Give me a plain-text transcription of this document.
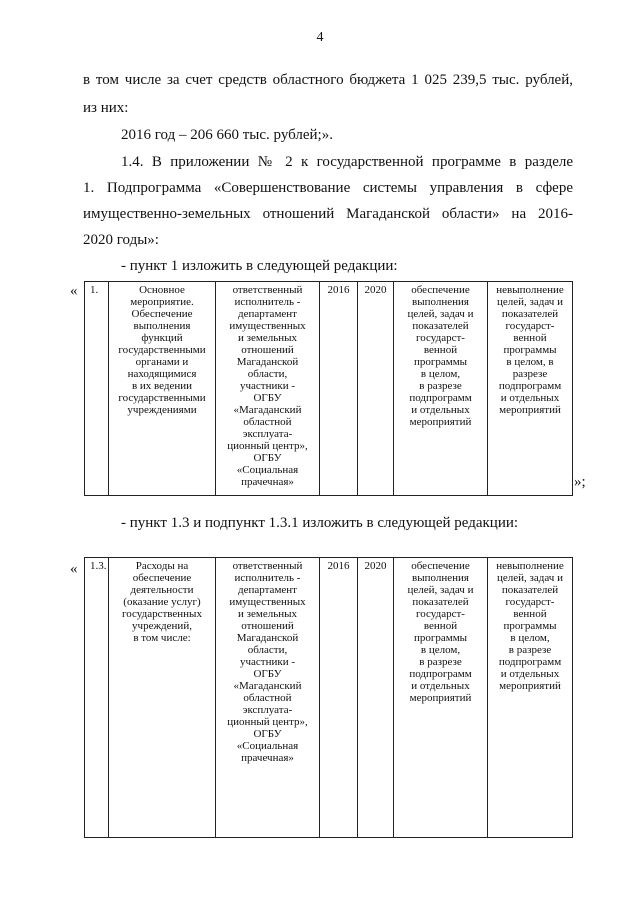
4
в том числе за счет средств областного бюджета 1 025 239,5 тыс. рублей,
из них:
2016 год – 206 660 тыс. рублей;».
1.4. В приложении № 2 к государственной программе в разделе
1. Подпрограмма «Совершенствование системы управления в сфере
имущественно-земельных отношений Магаданской области» на 2016-
2020 годы»:
- пункт 1 изложить в следующей редакции:
« 1.	Основное
мероприятие.
Обеспечение
выполнения
функций
государственными
органами и
находящимися
в их ведении
государственными
учреждениями	ответственный
исполнитель -
департамент
имущественных
и земельных
отношений
Магаданской
области,
участники -
ОГБУ
«Магаданский
областной
эксплуата-
ционный центр»,
ОГБУ
«Социальная
прачечная»	2016	2020	обеспечение
выполнения
целей, задач и
показателей
государст-
венной
программы
в целом,
в разрезе
подпрограмм
и отдельных
мероприятий	невыполнение
целей, задач и
показателей
государст-
венной
программы
в целом, в
разрезе
подпрограмм
и отдельных
мероприятий
»;
- пункт 1.3 и подпункт 1.3.1 изложить в следующей редакции:
« 1.3.	Расходы на
обеспечение
деятельности
(оказание услуг)
государственных
учреждений,
в том числе:	ответственный
исполнитель -
департамент
имущественных
и земельных
отношений
Магаданской
области,
участники -
ОГБУ
«Магаданский
областной
эксплуата-
ционный центр»,
ОГБУ
«Социальная
прачечная»	2016	2020	обеспечение
выполнения
целей, задач и
показателей
государст-
венной
программы
в целом,
в разрезе
подпрограмм
и отдельных
мероприятий	невыполнение
целей, задач и
показателей
государст-
венной
программы
в целом,
в разрезе
подпрограмм
и отдельных
мероприятий
